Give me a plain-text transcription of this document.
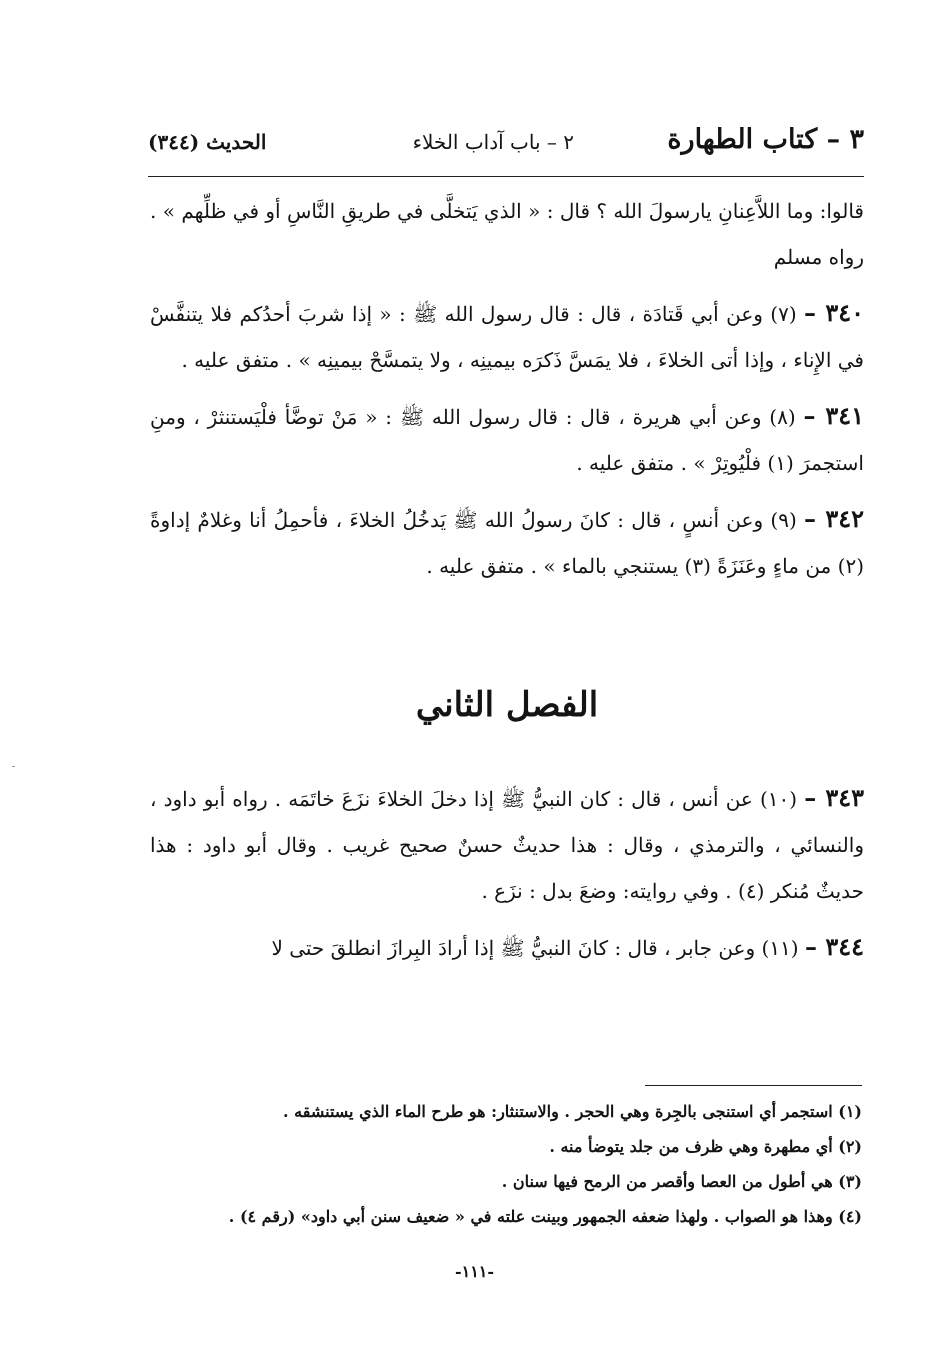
٣ – كتاب الطهارة
٢ – باب آداب الخلاء
الحديث (٣٤٤)

قالوا: وما اللاَّعِنانِ يارسولَ الله ؟ قال : « الذي يَتخلَّى في طريقِ النَّاسِ أو في ظلِّهم » . رواه مسلم

٣٤٠ – (٧) وعن أبي قَتادَة ، قال : قال رسول الله ﷺ : « إذا شربَ أحدُكم فلا يتنفَّسْ في الإِناء ، وإذا أتى الخلاءَ ، فلا يمَسَّ ذَكرَه بيمينِه ، ولا يتمسَّحْ بيمينِه » . متفق عليه .

٣٤١ – (٨) وعن أبي هريرة ، قال : قال رسول الله ﷺ : « مَنْ توضَّأ فلْيَستنثرْ ، ومنِ استجمرَ (١) فلْيُوتِرْ » . متفق عليه .

٣٤٢ – (٩) وعن أنسٍ ، قال : كانَ رسولُ الله ﷺ يَدخُلُ الخلاءَ ، فأحمِلُ أنا وغلامٌ إداوةً (٢) من ماءٍ وعَنَزَةً (٣) يستنجي بالماء » . متفق عليه .

الفصل الثاني

٣٤٣ – (١٠) عن أنس ، قال : كان النبيُّ ﷺ إذا دخلَ الخلاءَ نزَعَ خاتَمَه . رواه أبو داود ، والنسائي ، والترمذي ، وقال : هذا حديثٌ حسنٌ صحيح غريب . وقال أبو داود : هذا حديثٌ مُنكر (٤) . وفي روايته: وضعَ بدل : نزَع .

٣٤٤ – (١١) وعن جابر ، قال : كانَ النبيُّ ﷺ إذا أرادَ البِرازَ انطلقَ حتى لا

(١) استجمر أي استنجى بالجِرة وهي الحجر . والاستنثار: هو طرح الماء الذي يستنشقه .

(٢) أي مطهرة وهي ظرف من جلد يتوضأ منه .

(٣) هي أطول من العصا وأقصر من الرمح فيها سنان .

(٤) وهذا هو الصواب . ولهذا ضعفه الجمهور وبينت علته في « ضعيف سنن أبي داود» (رقم ٤) .

-١١١-
